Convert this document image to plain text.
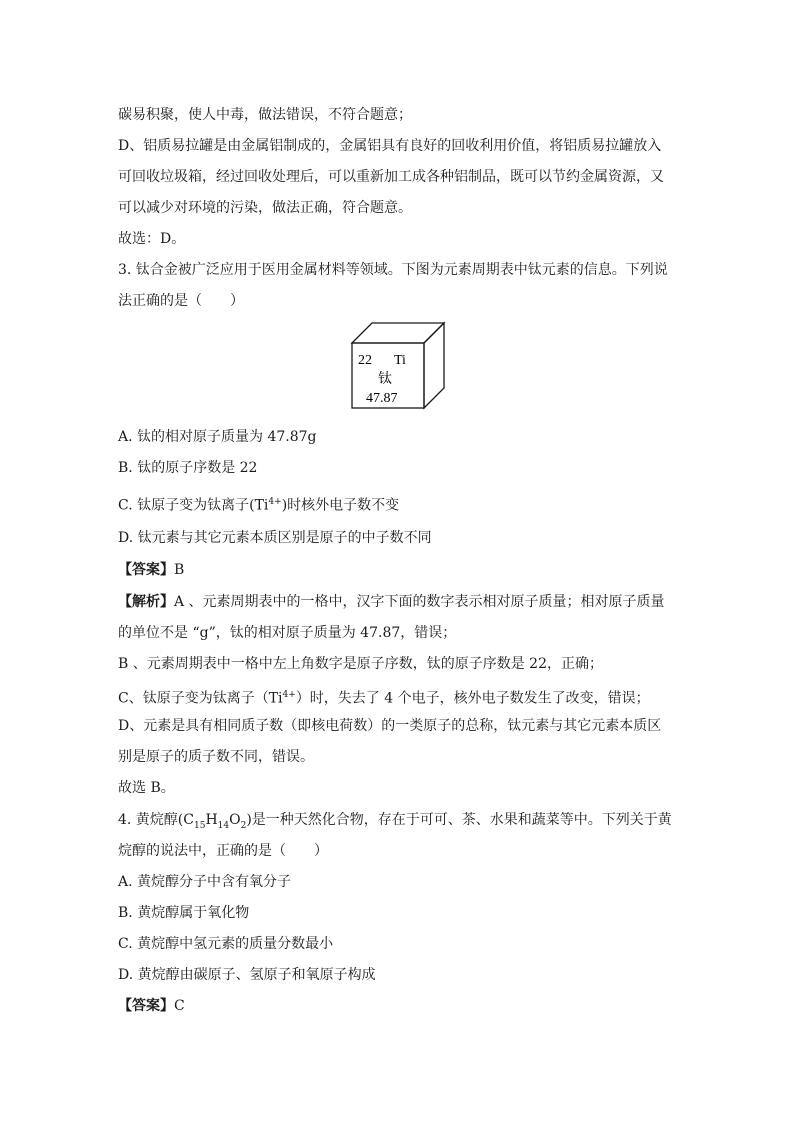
碳易积聚，使人中毒，做法错误，不符合题意；
D、铝质易拉罐是由金属铝制成的，金属铝具有良好的回收利用价值，将铝质易拉罐放入
可回收垃圾箱，经过回收处理后，可以重新加工成各种铝制品，既可以节约金属资源，又
可以减少对环境的污染，做法正确，符合题意。
故选：D。
3. 钛合金被广泛应用于医用金属材料等领域。下图为元素周期表中钛元素的信息。下列说
法正确的是（　　）
22 Ti
钛
47.87
A. 钛的相对原子质量为 47.87g
B. 钛的原子序数是 22
C. 钛原子变为钛离子$(Ti^{4+})$时核外电子数不变
D. 钛元素与其它元素本质区别是原子的中子数不同
【答案】B
【解析】A 、元素周期表中的一格中，汉字下面的数字表示相对原子质量；相对原子质量
的单位不是 “g”，钛的相对原子质量为 47.87，错误；
B 、元素周期表中一格中左上角数字是原子序数，钛的原子序数是 22，正确；
C、钛原子变为钛离子$(Ti^{4+})$时，失去了 4 个电子，核外电子数发生了改变，错误；
D、元素是具有相同质子数（即核电荷数）的一类原子的总称，钛元素与其它元素本质区
别是原子的质子数不同，错误。
故选 B。
4. 黄烷醇$(C_{15}H_{14}O_2)$是一种天然化合物，存在于可可、茶、水果和蔬菜等中。下列关于黄
烷醇的说法中，正确的是（　　）
A. 黄烷醇分子中含有氧分子
B. 黄烷醇属于氧化物
C. 黄烷醇中氢元素的质量分数最小
D. 黄烷醇由碳原子、氢原子和氧原子构成
【答案】C
